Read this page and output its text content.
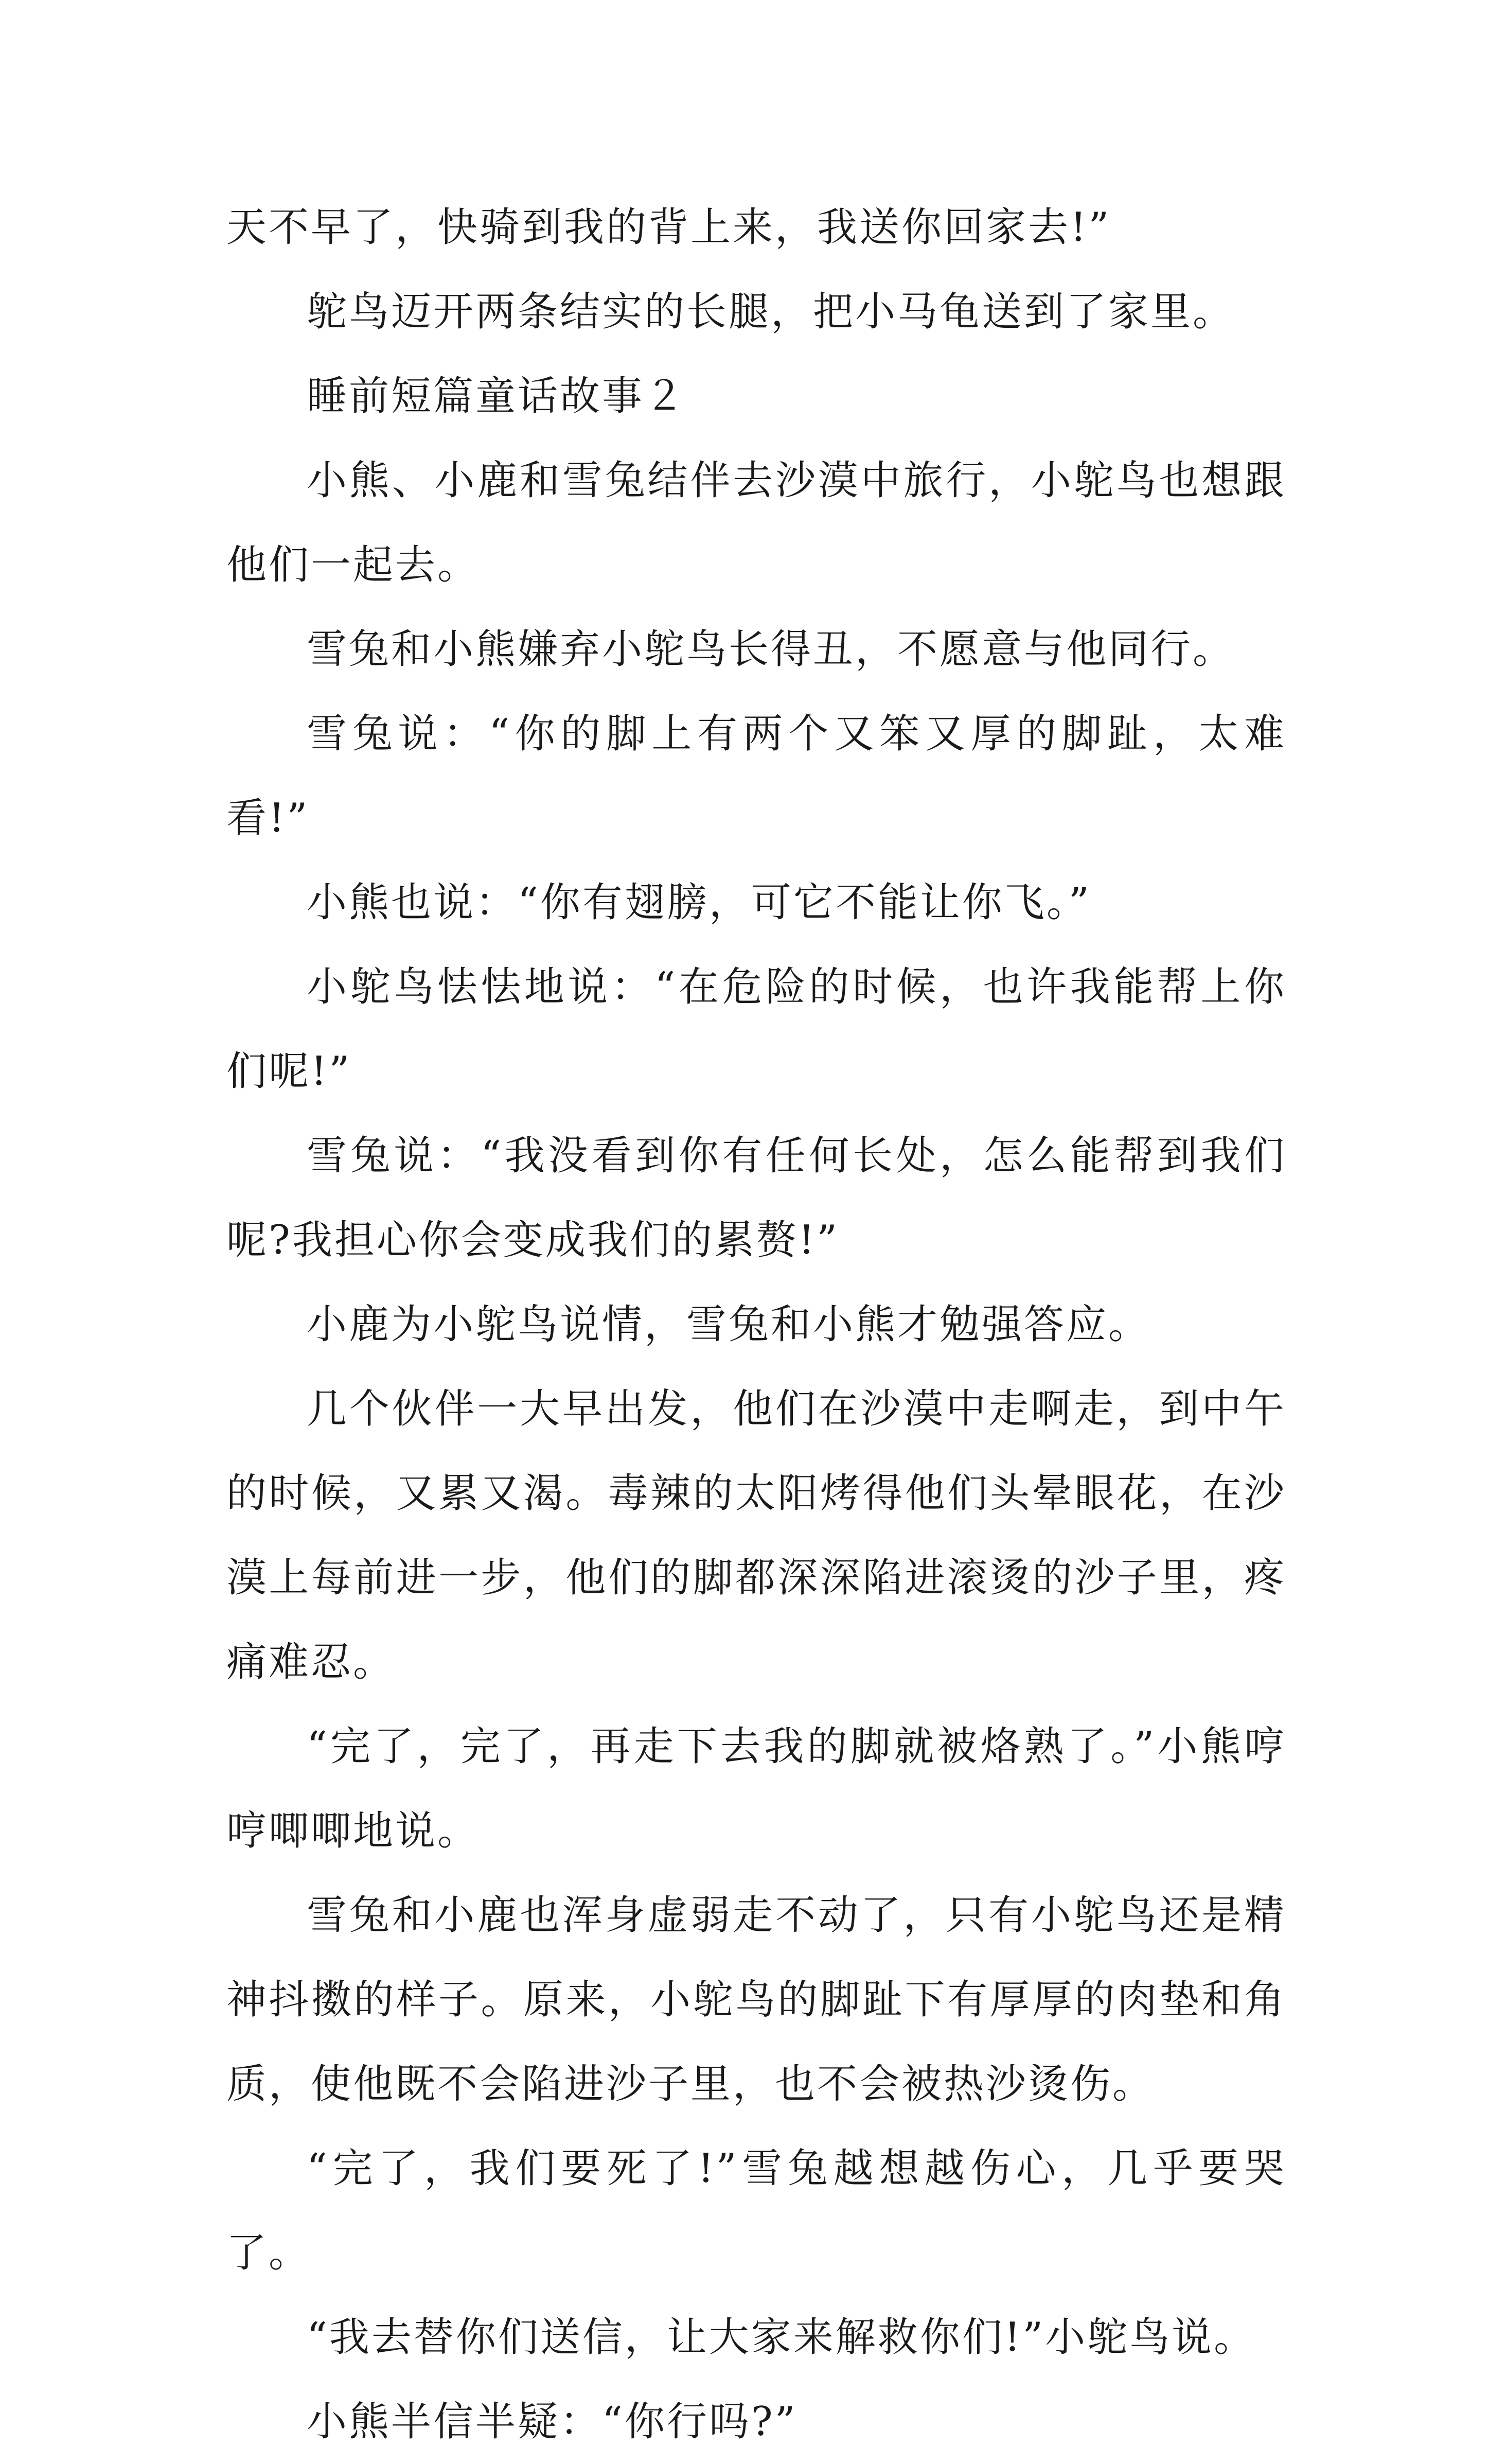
天不早了，快骑到我的背上来，我送你回家去!”

鸵鸟迈开两条结实的长腿，把小马龟送到了家里。

睡前短篇童话故事２

小熊、小鹿和雪兔结伴去沙漠中旅行，小鸵鸟也想跟他们一起去。

雪兔和小熊嫌弃小鸵鸟长得丑，不愿意与他同行。

雪兔说：“你的脚上有两个又笨又厚的脚趾，太难看!”

小熊也说：“你有翅膀，可它不能让你飞。”

小鸵鸟怯怯地说：“在危险的时候，也许我能帮上你们呢!”

雪兔说：“我没看到你有任何长处，怎么能帮到我们呢?我担心你会变成我们的累赘!”

小鹿为小鸵鸟说情，雪兔和小熊才勉强答应。

几个伙伴一大早出发，他们在沙漠中走啊走，到中午的时候，又累又渴。毒辣的太阳烤得他们头晕眼花，在沙漠上每前进一步，他们的脚都深深陷进滚烫的沙子里，疼痛难忍。

“完了，完了，再走下去我的脚就被烙熟了。”小熊哼哼唧唧地说。

雪兔和小鹿也浑身虚弱走不动了，只有小鸵鸟还是精神抖擞的样子。原来，小鸵鸟的脚趾下有厚厚的肉垫和角质，使他既不会陷进沙子里，也不会被热沙烫伤。

“完了，我们要死了!”雪兔越想越伤心，几乎要哭了。

“我去替你们送信，让大家来解救你们!”小鸵鸟说。

小熊半信半疑：“你行吗?”
